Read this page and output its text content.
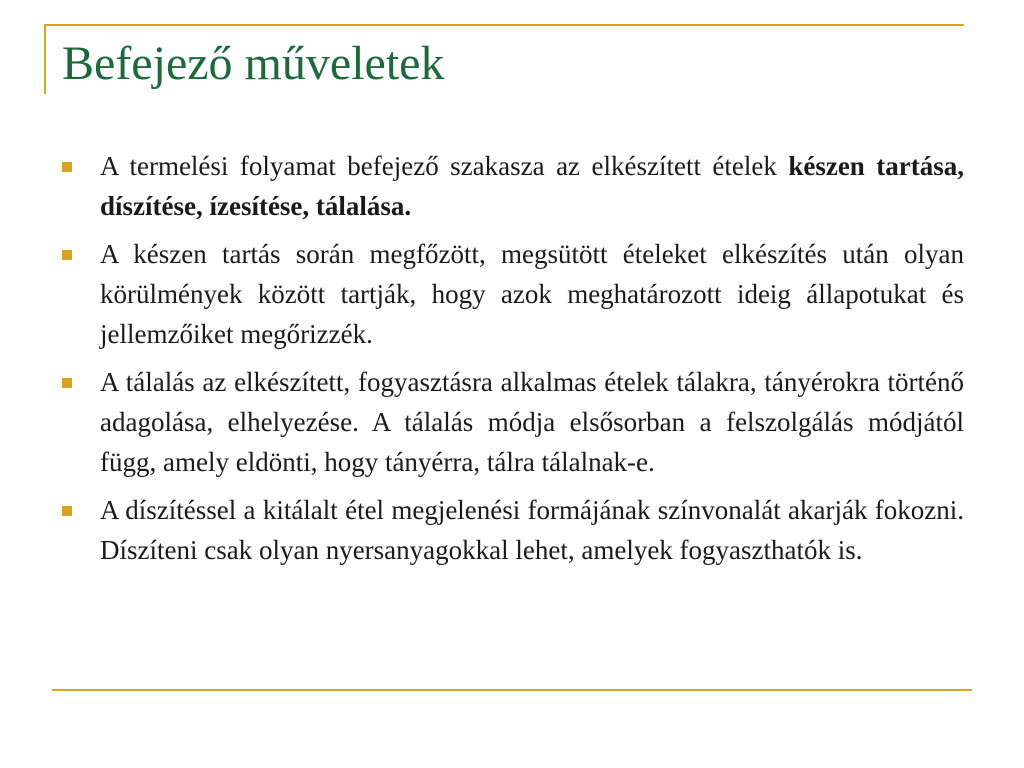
Befejező műveletek
A termelési folyamat befejező szakasza az elkészített ételek készen tartása, díszítése, ízesítése, tálalása.
A készen tartás során megfőzött, megsütött ételeket elkészítés után olyan körülmények között tartják, hogy azok meghatározott ideig állapotukat és jellemzőiket megőrizzék.
A tálalás az elkészített, fogyasztásra alkalmas ételek tálakra, tányérokra történő adagolása, elhelyezése. A tálalás módja elsősorban a felszolgálás módjától függ, amely eldönti, hogy tányérra, tálra tálalnak-e.
A díszítéssel a kitálalt étel megjelenési formájának színvonalát akarják fokozni. Díszíteni csak olyan nyersanyagokkal lehet, amelyek fogyaszthatók is.
